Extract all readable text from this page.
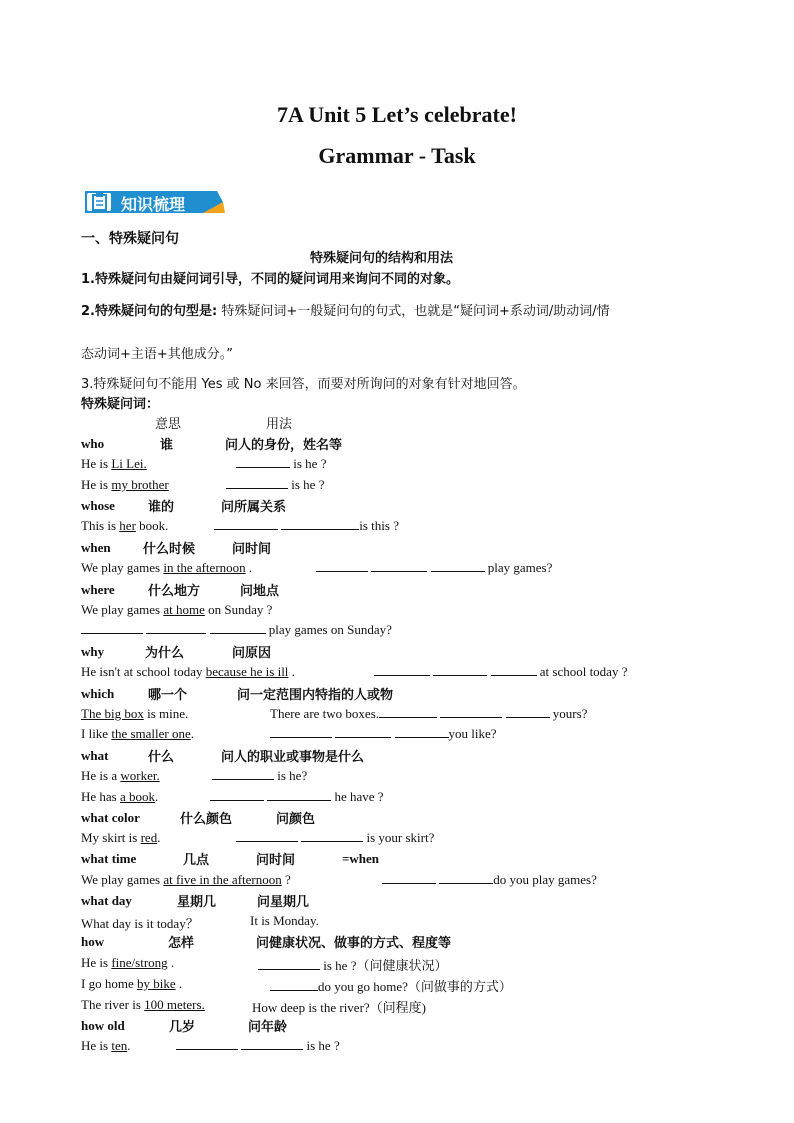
7A Unit 5 Let’s celebrate!
Grammar - Task
知识梳理
一、特殊疑问句
特殊疑问句的结构和用法
1.特殊疑问句由疑问词引导，不同的疑问词用来询问不同的对象。
2.特殊疑问句的句型是: 特殊疑问词+一般疑问句的句式，也就是“疑问词+系动词/助动词/情
态动词+主语+其他成分。”
3.特殊疑问句不能用 Yes 或 No 来回答，而要对所询问的对象有针对地回答。
特殊疑问词：
意思	用法
who	谁	问人的身份，姓名等
He is Li Lei.	is he ?
He is my brother	is he ?
whose	谁的	问所属关系
This is her book.	is this ?
when 什么时候	问时间
We play games in the afternoon .	play games?
where	什么地方	问地点
We play games at home on Sunday ?
play games on Sunday?
why	为什么	问原因
He isn't at school today because he is ill .	at school today ?
which	哪一个	问一定范围内特指的人或物
The big box is mine.	There are two boxes.	yours?
I like the smaller one.	you like?
what	什么	问人的职业或事物是什么
He is a worker.	is he?
He has a book.	he have ?
what color	什么颜色	问颜色
My skirt is red.	is your skirt?
what time	几点	问时间	=when
We play games at five in the afternoon ?	do you play games?
what day	星期几	问星期几
What day is it today？	It is Monday.
how	怎样	问健康状况、做事的方式、程度等
He is fine/strong .	is he ?（问健康状况）
I go home by bike .	do you go home?（问做事的方式）
The river is 100 meters.	How deep is the river?（问程度)
how old	几岁	问年龄
He is ten.	is he ?
